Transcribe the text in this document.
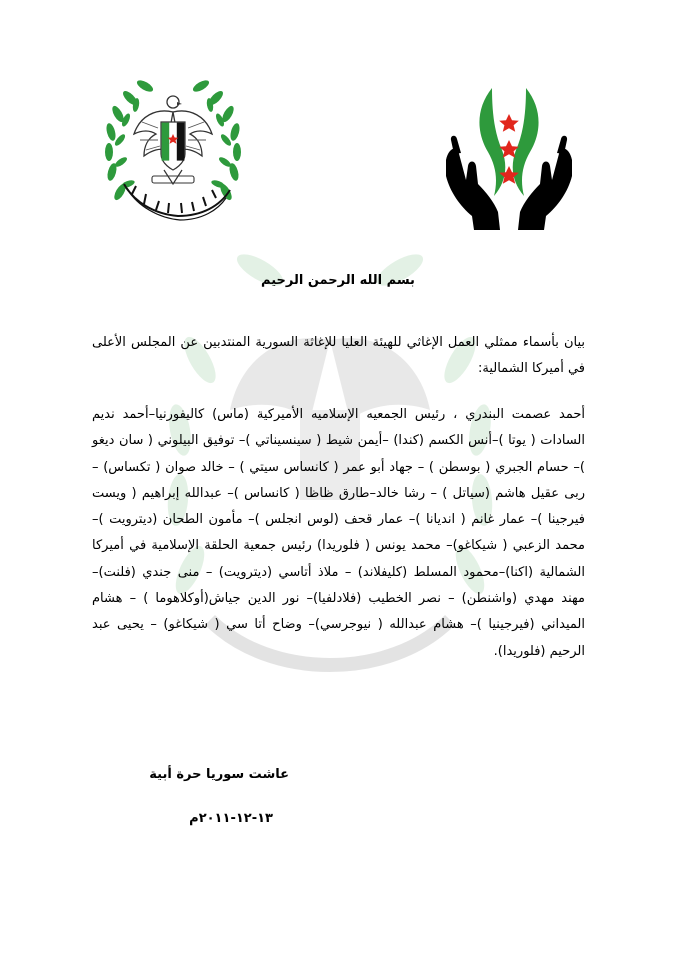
بسم الله الرحمن الرحيم
بيان بأسماء ممثلي العمل الإغاثي للهيئة العليا للإغاثة السورية المنتدبين عن المجلس الأعلى في أميركا الشمالية:
أحمد عصمت البندري ، رئيس الجمعيه الإسلاميه الأميركية (ماس) كاليفورنيا–أحمد نديم السادات ( يوتا )–أنس الكسم (كندا) –أيمن شيط ( سينسيناتي )– توفيق البيلوني ( سان ديغو )– حسام الجبري ( بوسطن ) – جهاد أبو عمر ( كانساس سيتي ) – خالد صوان ( تكساس) – ربى عقيل هاشم (سياتل ) – رشا خالد–طارق ظاظا ( كانساس )– عبدالله إبراهيم ( ويست فيرجينا )– عمار غانم ( انديانا )– عمار قحف (لوس انجلس )– مأمون الطحان (ديترويت )– محمد الزعبي ( شيكاغو)– محمد يونس ( فلوريدا) رئيس جمعية الحلقة الإسلامية في أميركا الشمالية (اكنا)–محمود المسلط (كليفلاند) – ملاذ أتاسي (ديترويت) – منى جندي (فلنت)– مهند مهدي (واشنطن) – نصر الخطيب (فلادلفيا)– نور الدين جياش(أوكلاهوما ) – هشام الميداني (فيرجينيا )– هشام عبدالله ( نيوجرسي)– وضاح أتا سي ( شيكاغو) – يحيى عبد الرحيم (فلوريدا).
عاشت سوريا حرة أبية
١٣-١٢-٢٠١١م
